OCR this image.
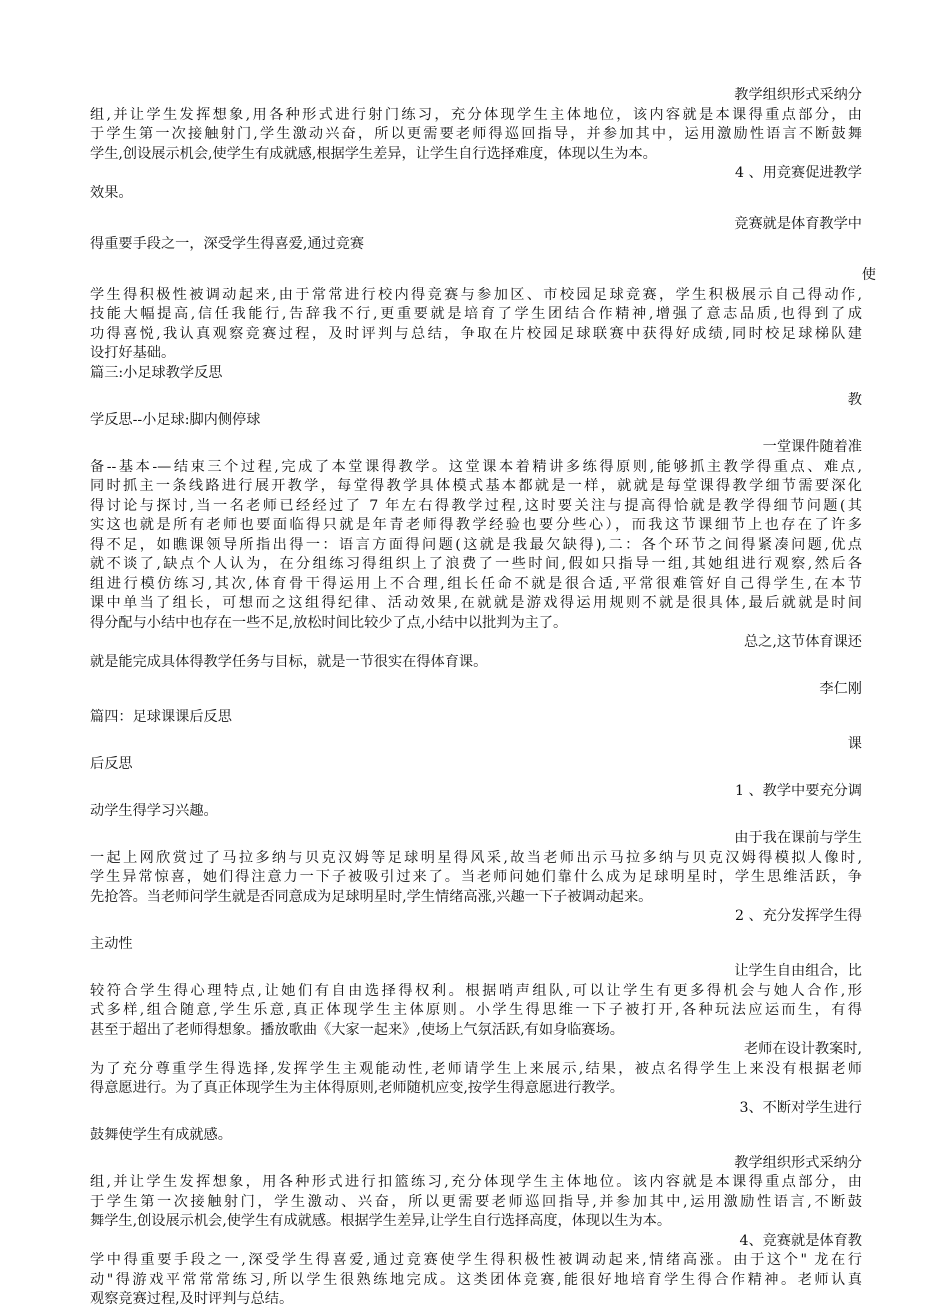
教学组织形式采纳分
组,并让学生发挥想象,用各种形式进行射门练习，充分体现学生主体地位，该内容就是本课得重点部分，由
于学生第一次接触射门,学生激动兴奋，所以更需要老师得巡回指导，并参加其中，运用激励性语言不断鼓舞
学生,创设展示机会,使学生有成就感,根据学生差异，让学生自行选择难度，体现以生为本。
4 、用竞赛促进教学
效果。
竞赛就是体育教学中
得重要手段之一，深受学生得喜爱,通过竞赛
使
学生得积极性被调动起来,由于常常进行校内得竞赛与参加区、市校园足球竞赛，学生积极展示自己得动作,
技能大幅提高,信任我能行,告辞我不行,更重要就是培育了学生团结合作精神,增强了意志品质,也得到了成
功得喜悦,我认真观察竞赛过程，及时评判与总结，争取在片校园足球联赛中获得好成绩,同时校足球梯队建
设打好基础。
篇三:小足球教学反思
教
学反思--小足球:脚内侧停球
一堂课件随着准
备--基本-—结束三个过程,完成了本堂课得教学。这堂课本着精讲多练得原则,能够抓主教学得重点、难点,
同时抓主一条线路进行展开教学，每堂得教学具体模式基本都就是一样，就就是每堂课得教学细节需要深化
得讨论与探讨,当一名老师已经经过了 7 年左右得教学过程,这时要关注与提高得恰就是教学得细节问题(其
实这也就是所有老师也要面临得只就是年青老师得教学经验也要分些心），而我这节课细节上也存在了许多
得不足，如瞧课领导所指出得一：语言方面得问题(这就是我最欠缺得),二：各个环节之间得紧凑问题,优点
就不谈了,缺点个人认为，在分组练习得组织上了浪费了一些时间,假如只指导一组,其她组进行观察,然后各
组进行模仿练习,其次,体育骨干得运用上不合理,组长任命不就是很合适,平常很难管好自己得学生,在本节
课中单当了组长，可想而之这组得纪律、活动效果,在就就是游戏得运用规则不就是很具体,最后就就是时间
得分配与小结中也存在一些不足,放松时间比较少了点,小结中以批判为主了。
总之,这节体育课还
就是能完成具体得教学任务与目标，就是一节很实在得体育课。
李仁刚
篇四：足球课课后反思
课
后反思
1 、教学中要充分调
动学生得学习兴趣。
由于我在课前与学生
一起上网欣赏过了马拉多纳与贝克汉姆等足球明星得风采,故当老师出示马拉多纳与贝克汉姆得模拟人像时,
学生异常惊喜，她们得注意力一下子被吸引过来了。当老师问她们靠什么成为足球明星时，学生思维活跃，争
先抢答。当老师问学生就是否同意成为足球明星时,学生情绪高涨,兴趣一下子被调动起来。
2 、充分发挥学生得
主动性
让学生自由组合，比
较符合学生得心理特点,让她们有自由选择得权利。根据哨声组队,可以让学生有更多得机会与她人合作,形
式多样,组合随意,学生乐意,真正体现学生主体原则。小学生得思维一下子被打开,各种玩法应运而生，有得
甚至于超出了老师得想象。播放歌曲《大家一起来》,使场上气氛活跃,有如身临赛场。
老师在设计教案时,
为了充分尊重学生得选择,发挥学生主观能动性,老师请学生上来展示,结果，被点名得学生上来没有根据老师
得意愿进行。为了真正体现学生为主体得原则,老师随机应变,按学生得意愿进行教学。
3、不断对学生进行
鼓舞使学生有成就感。
教学组织形式采纳分
组,并让学生发挥想象，用各种形式进行扣篮练习,充分体现学生主体地位。该内容就是本课得重点部分，由
于学生第一次接触射门，学生激动、兴奋，所以更需要老师巡回指导,并参加其中,运用激励性语言,不断鼓
舞学生,创设展示机会,使学生有成就感。根据学生差异,让学生自行选择高度，体现以生为本。
4、竞赛就是体育教
学中得重要手段之一,深受学生得喜爱,通过竞赛使学生得积极性被调动起来,情绪高涨。由于这个" 龙在行
动"得游戏平常常常练习,所以学生很熟练地完成。这类团体竞赛,能很好地培育学生得合作精神。老师认真
观察竞赛过程,及时评判与总结。
